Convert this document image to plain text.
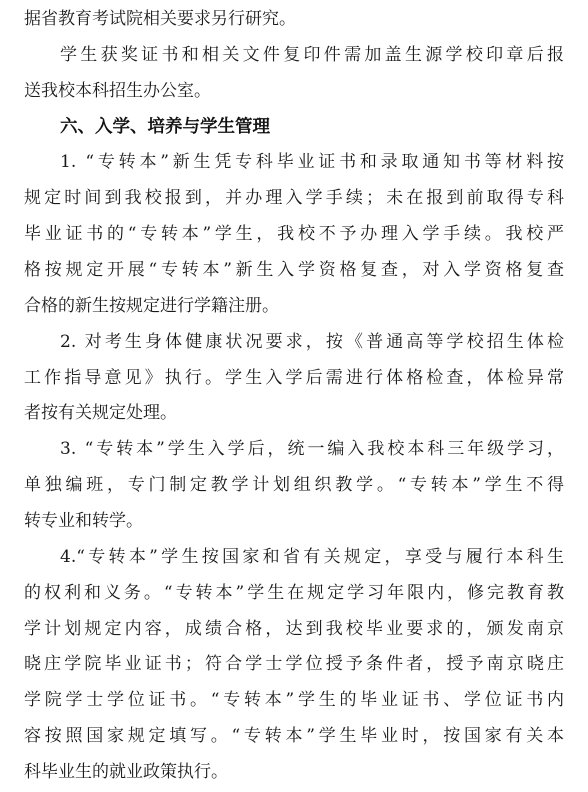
据省教育考试院相关要求另行研究。
学生获奖证书和相关文件复印件需加盖生源学校印章后报
送我校本科招生办公室。
六、入学、培养与学生管理
1. “专转本”新生凭专科毕业证书和录取通知书等材料按
规定时间到我校报到，并办理入学手续；未在报到前取得专科
毕业证书的“专转本”学生，我校不予办理入学手续。我校严
格按规定开展“专转本”新生入学资格复查，对入学资格复查
合格的新生按规定进行学籍注册。
2. 对考生身体健康状况要求，按《普通高等学校招生体检
工作指导意见》执行。学生入学后需进行体格检查，体检异常
者按有关规定处理。
3. “专转本”学生入学后，统一编入我校本科三年级学习，
单独编班，专门制定教学计划组织教学。“专转本”学生不得
转专业和转学。
4.“专转本”学生按国家和省有关规定，享受与履行本科生
的权利和义务。“专转本”学生在规定学习年限内，修完教育教
学计划规定内容，成绩合格，达到我校毕业要求的，颁发南京
晓庄学院毕业证书；符合学士学位授予条件者，授予南京晓庄
学院学士学位证书。“专转本”学生的毕业证书、学位证书内
容按照国家规定填写。“专转本”学生毕业时，按国家有关本
科毕业生的就业政策执行。
